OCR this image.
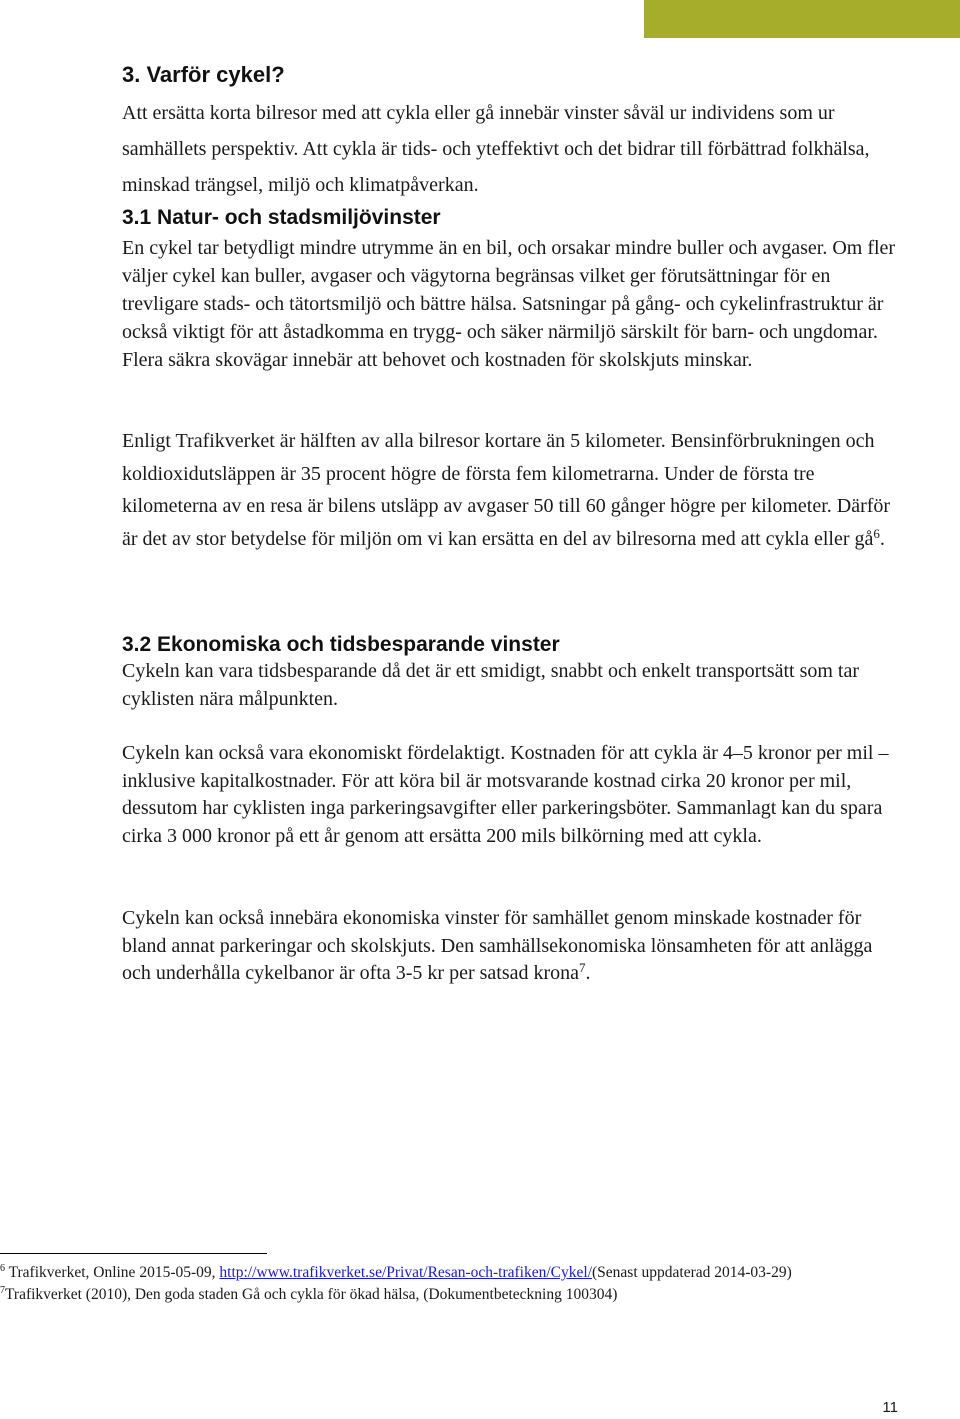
3. Varför cykel?

Att ersätta korta bilresor med att cykla eller gå innebär vinster såväl ur individens som ur samhällets perspektiv. Att cykla är tids- och yteffektivt och det bidrar till förbättrad folkhälsa, minskad trängsel, miljö och klimatpåverkan.

3.1 Natur- och stadsmiljövinster

En cykel tar betydligt mindre utrymme än en bil, och orsakar mindre buller och avgaser. Om fler väljer cykel kan buller, avgaser och vägytorna begränsas vilket ger förutsättningar för en trevligare stads- och tätortsmiljö och bättre hälsa. Satsningar på gång- och cykelinfrastruktur är också viktigt för att åstadkomma en trygg- och säker närmiljö särskilt för barn- och ungdomar. Flera säkra skovägar innebär att behovet och kostnaden för skolskjuts minskar.

Enligt Trafikverket är hälften av alla bilresor kortare än 5 kilometer. Bensinförbrukningen och koldioxidutsläppen är 35 procent högre de första fem kilometrarna. Under de första tre kilometerna av en resa är bilens utsläpp av avgaser 50 till 60 gånger högre per kilometer. Därför är det av stor betydelse för miljön om vi kan ersätta en del av bilresorna med att cykla eller $gå^6$.

3.2 Ekonomiska och tidsbesparande vinster

Cykeln kan vara tidsbesparande då det är ett smidigt, snabbt och enkelt transportsätt som tar cyklisten nära målpunkten.

Cykeln kan också vara ekonomiskt fördelaktigt. Kostnaden för att cykla är 4–5 kronor per mil – inklusive kapitalkostnader. För att köra bil är motsvarande kostnad cirka 20 kronor per mil, dessutom har cyklisten inga parkeringsavgifter eller parkeringsböter. Sammanlagt kan du spara cirka 3 000 kronor på ett år genom att ersätta 200 mils bilkörning med att cykla.

Cykeln kan också innebära ekonomiska vinster för samhället genom minskade kostnader för bland annat parkeringar och skolskjuts. Den samhällsekonomiska lönsamheten för att anlägga och underhålla cykelbanor är ofta 3-5 kr per satsad krona$^7$.

$^6$ Trafikverket, Online 2015-05-09, http://www.trafikverket.se/Privat/Resan-och-trafiken/Cykel/(Senast uppdaterad 2014-03-29)

$^7$Trafikverket (2010), Den goda staden Gå och cykla för ökad hälsa, (Dokumentbeteckning 100304)

11
